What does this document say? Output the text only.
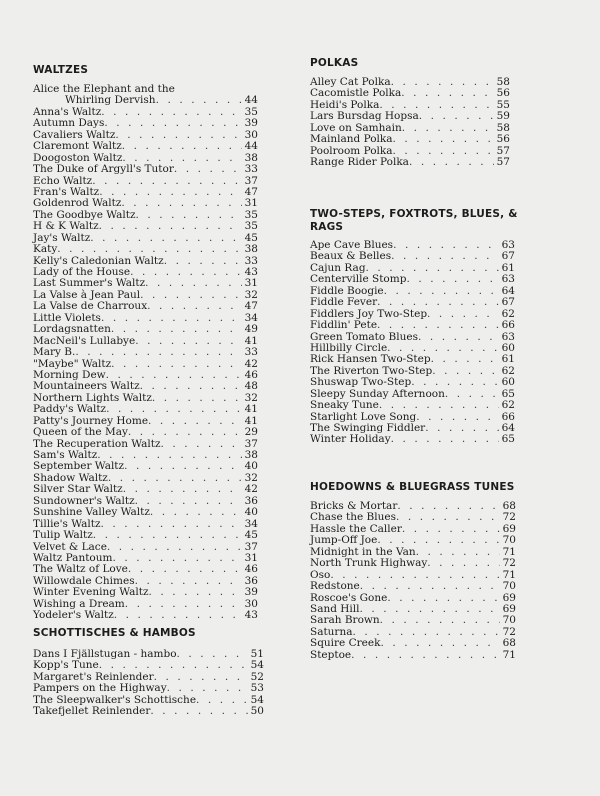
WALTZES
Alice the Elephant and the
Whirling Dervish . . .	44
Anna's Waltz . . .	35
Autumn Days . . .	39
Cavaliers Waltz . . .	30
Claremont Waltz . . .	44
Doogoston Waltz . . .	38
The Duke of Argyll's Tutor . . .	33
Echo Waltz . . .	37
Fran's Waltz . . .	47
Goldenrod Waltz . . .	31
The Goodbye Waltz . . .	35
H & K Waltz . . .	35
Jay's Waltz . . .	45
Katy . . .	38
Kelly's Caledonian Waltz . . .	33
Lady of the House . . .	43
Last Summer's Waltz . . .	31
La Valse à Jean Paul . . .	32
La Valse de Charroux . . .	47
Little Violets . . .	34
Lordagsnatten . . .	49
MacNeil's Lullabye . . .	41
Mary B. . . .	33
"Maybe" Waltz . . .	42
Morning Dew . . .	46
Mountaineers Waltz . . .	48
Northern Lights Waltz . . .	32
Paddy's Waltz . . .	41
Patty's Journey Home . . .	41
Queen of the May . . .	29
The Recuperation Waltz . . .	37
Sam's Waltz . . .	38
September Waltz . . .	40
Shadow Waltz . . .	32
Silver Star Waltz . . .	42
Sundowner's Waltz . . .	36
Sunshine Valley Waltz . . .	40
Tillie's Waltz . . .	34
Tulip Waltz . . .	45
Velvet & Lace . . .	37
Waltz Pantoum . . .	31
The Waltz of Love . . .	46
Willowdale Chimes . . .	36
Winter Evening Waltz . . .	39
Wishing a Dream . . .	30
Yodeler's Waltz . . .	43
SCHOTTISCHES & HAMBOS
Dans I Fjällstugan - hambo . . .	51
Kopp's Tune . . .	54
Margaret's Reinlender . . .	52
Pampers on the Highway . . .	53
The Sleepwalker's Schottische . . .	54
Takefjellet Reinlender . . .	50
POLKAS
Alley Cat Polka . . .	58
Cacomistle Polka . . .	56
Heidi's Polka . . .	55
Lars Bursdag Hopsa . . .	59
Love on Samhain . . .	58
Mainland Polka . . .	56
Poolroom Polka . . .	57
Range Rider Polka . . .	57
TWO-STEPS, FOXTROTS, BLUES, &
RAGS
Ape Cave Blues . . .	63
Beaux & Belles . . .	67
Cajun Rag . . .	61
Centerville Stomp . . .	63
Fiddle Boogie . . .	64
Fiddle Fever . . .	67
Fiddlers Joy Two-Step . . .	62
Fiddlin' Pete . . .	66
Green Tomato Blues . . .	63
Hillbilly Circle . . .	60
Rick Hansen Two-Step . . .	61
The Riverton Two-Step . . .	62
Shuswap Two-Step . . .	60
Sleepy Sunday Afternoon . . .	65
Sneaky Tune . . .	62
Starlight Love Song . . .	66
The Swinging Fiddler . . .	64
Winter Holiday . . .	65
HOEDOWNS & BLUEGRASS TUNES
Bricks & Mortar . . .	68
Chase the Blues . . .	72
Hassle the Caller . . .	69
Jump-Off Joe . . .	70
Midnight in the Van . . .	71
North Trunk Highway . . .	72
Oso . . .	71
Redstone . . .	70
Roscoe's Gone . . .	69
Sand Hill . . .	69
Sarah Brown . . .	70
Saturna . . .	72
Squire Creek . . .	68
Steptoe . . .	71
